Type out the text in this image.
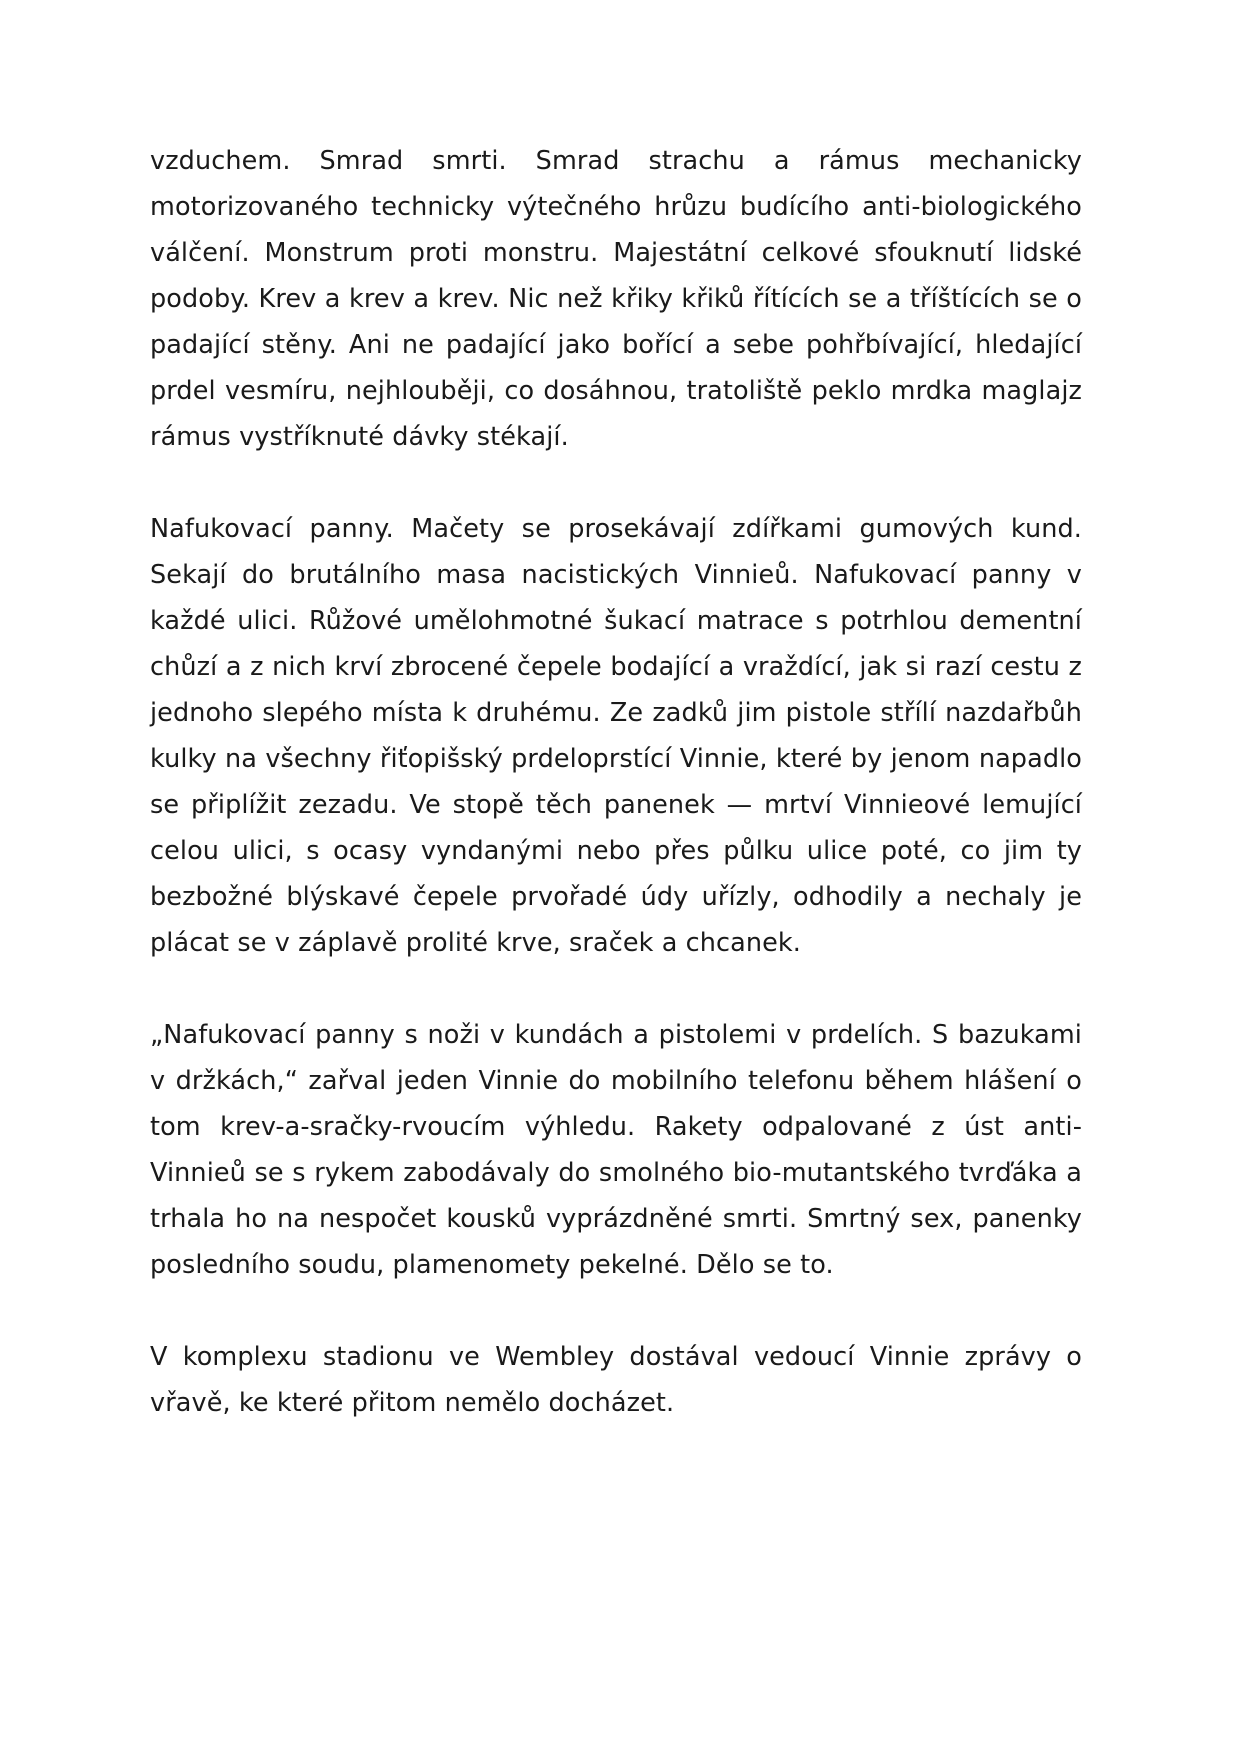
vzduchem. Smrad smrti. Smrad strachu a rámus mechanicky motorizovaného technicky výtečného hrůzu budícího anti-biologického válčení. Monstrum proti monstru. Majestátní celkové sfouknutí lidské podoby. Krev a krev a krev. Nic než křiky křiků řítících se a tříštících se o padající stěny. Ani ne padající jako bořící a sebe pohřbívající, hledající prdel vesmíru, nejhlouběji, co dosáhnou, tratoliště peklo mrdka maglajz rámus vystříknuté dávky stékají.

Nafukovací panny. Mačety se prosekávají zdířkami gumových kund. Sekají do brutálního masa nacistických Vinnieů. Nafukovací panny v každé ulici. Růžové umělohmotné šukací matrace s potrhlou dementní chůzí a z nich krví zbrocené čepele bodající a vraždící, jak si razí cestu z jednoho slepého místa k druhému. Ze zadků jim pistole střílí nazdařbůh kulky na všechny řiťopišský prdeloprstící Vinnie, které by jenom napadlo se připlížit zezadu. Ve stopě těch panenek — mrtví Vinnieové lemující celou ulici, s ocasy vyndanými nebo přes půlku ulice poté, co jim ty bezbožné blýskavé čepele prvořadé údy uřízly, odhodily a nechaly je plácat se v záplavě prolité krve, sraček a chcanek.

„Nafukovací panny s noži v kundách a pistolemi v prdelích. S bazukami v držkách,“ zařval jeden Vinnie do mobilního telefonu během hlášení o tom krev-a-sračky-rvoucím výhledu. Rakety odpalované z úst anti-Vinnieů se s rykem zabodávaly do smolného bio-mutantského tvrďáka a trhala ho na nespočet kousků vyprázdněné smrti. Smrtný sex, panenky posledního soudu, plamenomety pekelné. Dělo se to.

V komplexu stadionu ve Wembley dostával vedoucí Vinnie zprávy o vřavě, ke které přitom nemělo docházet.
